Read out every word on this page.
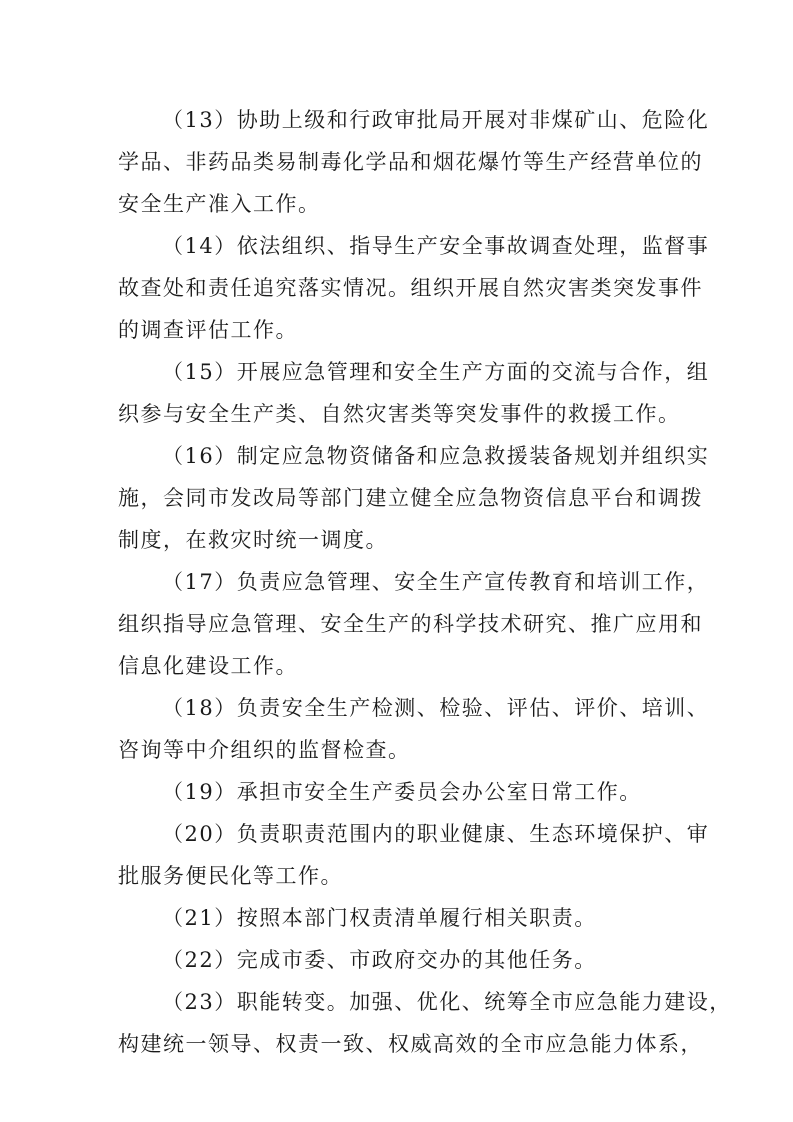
（13）协助上级和行政审批局开展对非煤矿山、危险化

学品、非药品类易制毒化学品和烟花爆竹等生产经营单位的

安全生产准入工作。

（14）依法组织、指导生产安全事故调查处理，监督事

故查处和责任追究落实情况。组织开展自然灾害类突发事件

的调查评估工作。

（15）开展应急管理和安全生产方面的交流与合作，组

织参与安全生产类、自然灾害类等突发事件的救援工作。

（16）制定应急物资储备和应急救援装备规划并组织实

施，会同市发改局等部门建立健全应急物资信息平台和调拨

制度，在救灾时统一调度。

（17）负责应急管理、安全生产宣传教育和培训工作，

组织指导应急管理、安全生产的科学技术研究、推广应用和

信息化建设工作。

（18）负责安全生产检测、检验、评估、评价、培训、

咨询等中介组织的监督检查。

（19）承担市安全生产委员会办公室日常工作。

（20）负责职责范围内的职业健康、生态环境保护、审

批服务便民化等工作。

（21）按照本部门权责清单履行相关职责。

（22）完成市委、市政府交办的其他任务。

（23）职能转变。加强、优化、统筹全市应急能力建设，

构建统一领导、权责一致、权威高效的全市应急能力体系，
